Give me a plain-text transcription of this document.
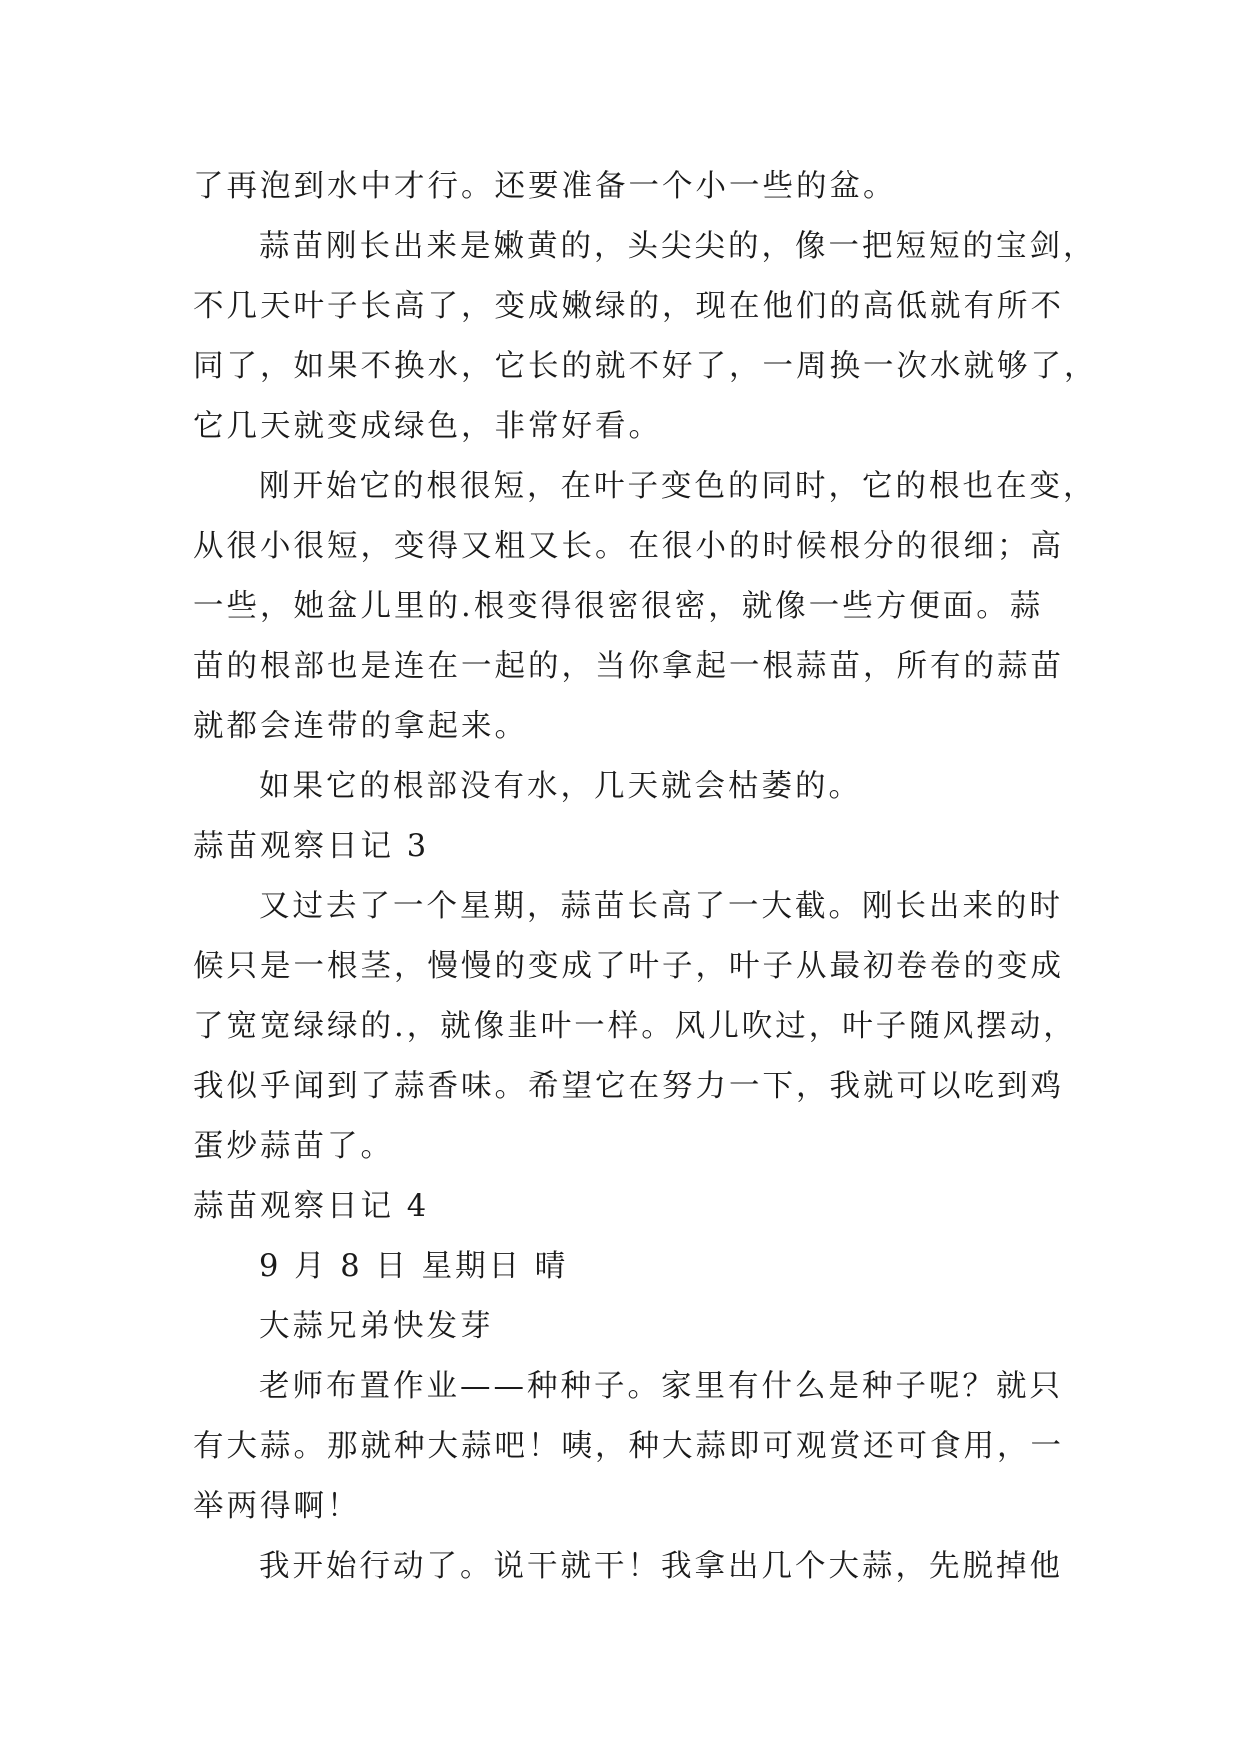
了再泡到水中才行。还要准备一个小一些的盆。
蒜苗刚长出来是嫩黄的，头尖尖的，像一把短短的宝剑，
不几天叶子长高了，变成嫩绿的，现在他们的高低就有所不
同了，如果不换水，它长的就不好了，一周换一次水就够了，
它几天就变成绿色，非常好看。
刚开始它的根很短，在叶子变色的同时，它的根也在变，
从很小很短，变得又粗又长。在很小的时候根分的很细；高
一些，她盆儿里的.根变得很密很密，就像一些方便面。蒜
苗的根部也是连在一起的，当你拿起一根蒜苗，所有的蒜苗
就都会连带的拿起来。
如果它的根部没有水，几天就会枯萎的。
蒜苗观察日记 3
又过去了一个星期，蒜苗长高了一大截。刚长出来的时
候只是一根茎，慢慢的变成了叶子，叶子从最初卷卷的变成
了宽宽绿绿的.，就像韭叶一样。风儿吹过，叶子随风摆动，
我似乎闻到了蒜香味。希望它在努力一下，我就可以吃到鸡
蛋炒蒜苗了。
蒜苗观察日记 4
9 月 8 日 星期日 晴
大蒜兄弟快发芽
老师布置作业——种种子。家里有什么是种子呢？就只
有大蒜。那就种大蒜吧！咦，种大蒜即可观赏还可食用，一
举两得啊！
我开始行动了。说干就干！我拿出几个大蒜，先脱掉他
